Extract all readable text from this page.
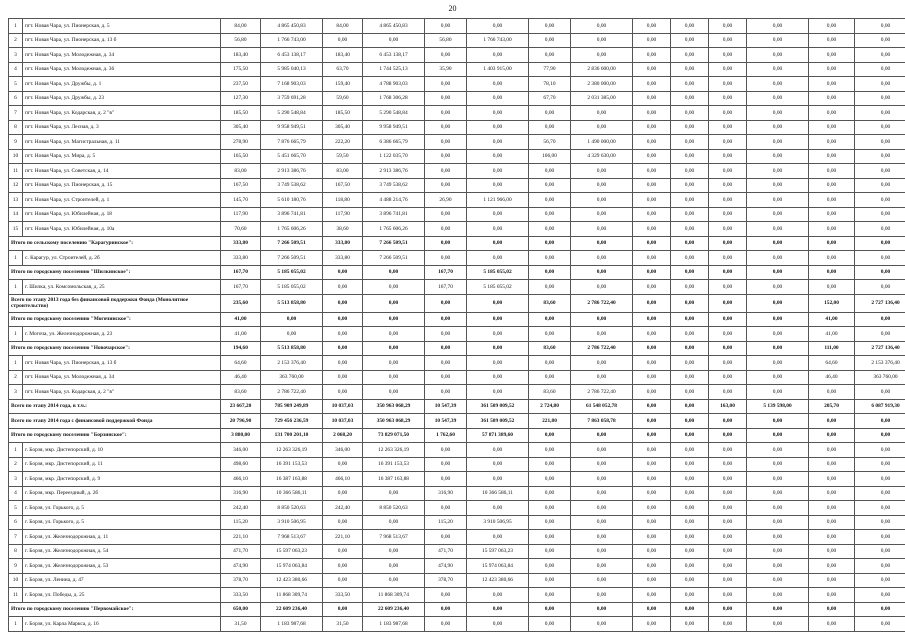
20
1	пгт. Новая Чара, ул. Пионерская, д. 5	84,00	4 865 450,83	84,00	4 865 450,83	0,00	0,00	0,00	0,00	0,00	0,00	0,00	0,00	0,00	0,00
2	пгт. Новая Чара, ул. Пионерская, д. 13 б	56,80	1 766 743,00	0,00	0,00	56,80	1 766 743,00	0,00	0,00	0,00	0,00	0,00	0,00	0,00	0,00
3	пгт. Новая Чара, ул. Молодежная, д. 34	183,40	6 453 138,17	183,40	6 453 138,17	0,00	0,00	0,00	0,00	0,00	0,00	0,00	0,00	0,00	0,00
4	пгт. Новая Чара, ул. Молодежная, д. 36	175,50	5 985 040,13	63,70	1 744 525,13	35,90	1 403 915,00	77,90	2 836 600,00	0,00	0,00	0,00	0,00	0,00	0,00
5	пгт. Новая Чара, ул. Дружбы, д. 1	237,50	7 168 903,03	159,40	4 788 903,03	0,00	0,00	78,10	2 380 000,00	0,00	0,00	0,00	0,00	0,00	0,00
6	пгт. Новая Чара, ул. Дружбы, д. 23	127,30	3 759 691,28	59,60	1 768 306,28	0,00	0,00	67,70	2 031 385,00	0,00	0,00	0,00	0,00	0,00	0,00
7	пгт. Новая Чара, ул. Кодарская, д. 2 "в"	185,50	5 290 548,84	185,50	5 290 548,84	0,00	0,00	0,00	0,00	0,00	0,00	0,00	0,00	0,00	0,00
8	пгт. Новая Чара, ул. Лесная, д. 3	305,40	9 958 949,51	305,40	9 958 949,51	0,00	0,00	0,00	0,00	0,00	0,00	0,00	0,00	0,00	0,00
9	пгт. Новая Чара, ул. Магистральная, д. 11	278,90	7 876 665,79	222,20	6 386 665,79	0,00	0,00	56,70	1 490 000,00	0,00	0,00	0,00	0,00	0,00	0,00
10	пгт. Новая Чара, ул. Мира, д. 5	165,50	5 451 665,70	59,50	1 122 035,70	0,00	0,00	106,00	4 329 630,00	0,00	0,00	0,00	0,00	0,00	0,00
11	пгт. Новая Чара, ул. Советская, д. 14	83,00	2 913 386,76	83,00	2 913 386,76	0,00	0,00	0,00	0,00	0,00	0,00	0,00	0,00	0,00	0,00
12	пгт. Новая Чара, ул. Пионерская, д. 15	167,50	3 749 538,62	167,50	3 749 538,62	0,00	0,00	0,00	0,00	0,00	0,00	0,00	0,00	0,00	0,00
13	пгт. Новая Чара, ул. Строителей, д. 1	145,70	5 610 180,76	118,80	4 488 214,76	26,90	1 121 966,00	0,00	0,00	0,00	0,00	0,00	0,00	0,00	0,00
14	пгт. Новая Чара, ул. Юбилейная, д. 18	117,90	3 896 741,81	117,90	3 896 741,81	0,00	0,00	0,00	0,00	0,00	0,00	0,00	0,00	0,00	0,00
15	пгт. Новая Чара, ул. Юбилейная, д. 10а	70,60	1 765 606,26	38,60	1 765 606,26	0,00	0,00	0,00	0,00	0,00	0,00	0,00	0,00	0,00	0,00
Итого по сельскому поселению "Карагуринское":		333,80	7 266 509,51	333,80	7 266 509,51	0,00	0,00	0,00	0,00	0,00	0,00	0,00	0,00	0,00	0,00
1	с. Карагур, ул. Строителей, д. 2б	333,80	7 266 509,51	333,80	7 266 509,51	0,00	0,00	0,00	0,00	0,00	0,00	0,00	0,00	0,00	0,00
Итого по городскому поселению "Шилкинское":		167,70	5 185 055,02	0,00	0,00	167,70	5 185 055,02	0,00	0,00	0,00	0,00	0,00	0,00	0,00	0,00
1	г. Шилка, ул. Комсомольская, д. 25	167,70	5 185 055,02	0,00	0,00	167,70	5 185 055,02	0,00	0,00	0,00	0,00	0,00	0,00	0,00	0,00
Всего по этапу 2013 года без финансовой поддержки Фонда (Монолитное строительство)		235,60	5 513 858,80	0,00	0,00	0,00	0,00	83,60	2 786 722,40	0,00	0,00	0,00	0,00	152,00	2 727 136,40
Итого по городскому поселению "Могочинское":		41,00	0,00	0,00	0,00	0,00	0,00	0,00	0,00	0,00	0,00	0,00	0,00	41,00	0,00
1	г. Могоча, ул. Железнодорожная, д. 23	41,00	0,00	0,00	0,00	0,00	0,00	0,00	0,00	0,00	0,00	0,00	0,00	41,00	0,00
Итого по городскому поселению "Новочарское":		194,60	5 513 858,80	0,00	0,00	0,00	0,00	83,60	2 786 722,40	0,00	0,00	0,00	0,00	111,00	2 727 136,40
1	пгт. Новая Чара, ул. Пионерская, д. 13 б	64,60	2 153 376,40	0,00	0,00	0,00	0,00	0,00	0,00	0,00	0,00	0,00	0,00	64,60	2 153 376,40
2	пгт. Новая Чара, ул. Молодежная, д. 34	46,40	363 760,00	0,00	0,00	0,00	0,00	0,00	0,00	0,00	0,00	0,00	0,00	46,40	363 760,00
3	пгт. Новая Чара, ул. Кодарская, д. 2 "в"	83,60	2 786 722,40	0,00	0,00	0,00	0,00	83,60	2 786 722,40	0,00	0,00	0,00	0,00	0,00	0,00
Всего по этапу 2014 года, в т.ч.:		23 667,20	785 909 249,89	10 037,03	350 963 068,29	10 547,39	361 509 009,52	2 724,80	61 548 052,78	0,00	0,00	163,00	5 139 598,00	205,70	6 087 919,30
Всего по этапу 2014 года с финансовой поддержкой Фонда		20 796,90	729 456 236,59	10 037,03	350 963 068,29	10 547,39	361 509 009,52	221,80	7 863 058,78	0,00	0,00	0,00	0,00	0,00	0,00
Итого по городскому поселению "Борзинское":		3 880,00	131 700 201,10	2 068,20	73 829 071,50	1 762,60	57 871 389,60	0,00	0,00	0,00	0,00	0,00	0,00	0,00	0,00
1	г. Борзя, мкр. Дистепорский, д. 10	346,00	12 263 326,19	346,00	12 263 326,19	0,00	0,00	0,00	0,00	0,00	0,00	0,00	0,00	0,00	0,00
2	г. Борзя, мкр. Дистепорский, д. 11	498,60	16 391 153,53	0,00	16 391 153,53	0,00	0,00	0,00	0,00	0,00	0,00	0,00	0,00	0,00	0,00
3	г. Борзя, мкр. Дистепорский, д. 9	466,10	16 387 163,88	466,10	16 387 163,88	0,00	0,00	0,00	0,00	0,00	0,00	0,00	0,00	0,00	0,00
4	г. Борзя, мкр. Переездный, д. 2б	316,90	10 366 586,11	0,00	0,00	316,90	10 366 586,11	0,00	0,00	0,00	0,00	0,00	0,00	0,00	0,00
5	г. Борзя, ул. Горького, д. 5	242,40	8 850 520,63	242,40	8 850 520,63	0,00	0,00	0,00	0,00	0,00	0,00	0,00	0,00	0,00	0,00
6	г. Борзя, ул. Горького, д. 5	115,20	3 910 506,95	0,00	0,00	115,20	3 910 506,95	0,00	0,00	0,00	0,00	0,00	0,00	0,00	0,00
7	г. Борзя, ул. Железнодорожная, д. 11	221,10	7 968 513,67	221,10	7 968 513,67	0,00	0,00	0,00	0,00	0,00	0,00	0,00	0,00	0,00	0,00
8	г. Борзя, ул. Железнодорожная, д. 54	471,70	15 597 063,23	0,00	0,00	471,70	15 597 063,23	0,00	0,00	0,00	0,00	0,00	0,00	0,00	0,00
9	г. Борзя, ул. Железнодорожная, д. 53	474,90	15 974 063,84	0,00	0,00	474,90	15 974 063,84	0,00	0,00	0,00	0,00	0,00	0,00	0,00	0,00
10	г. Борзя, ул. Ленина, д. 47	378,70	12 423 380,66	0,00	0,00	378,70	12 423 380,66	0,00	0,00	0,00	0,00	0,00	0,00	0,00	0,00
11	г. Борзя, ул. Победы, д. 25	333,50	11 868 309,74	333,50	11 868 309,74	0,00	0,00	0,00	0,00	0,00	0,00	0,00	0,00	0,00	0,00
Итого по городскому поселению "Первомайское":		650,00	22 609 236,40	0,00	22 609 236,40	0,00	0,00	0,00	0,00	0,00	0,00	0,00	0,00	0,00	0,00
1	г. Борзя, ул. Карла Маркса, д. 16	31,50	1 183 987,68	31,50	1 183 987,68	0,00	0,00	0,00	0,00	0,00	0,00	0,00	0,00	0,00	0,00
